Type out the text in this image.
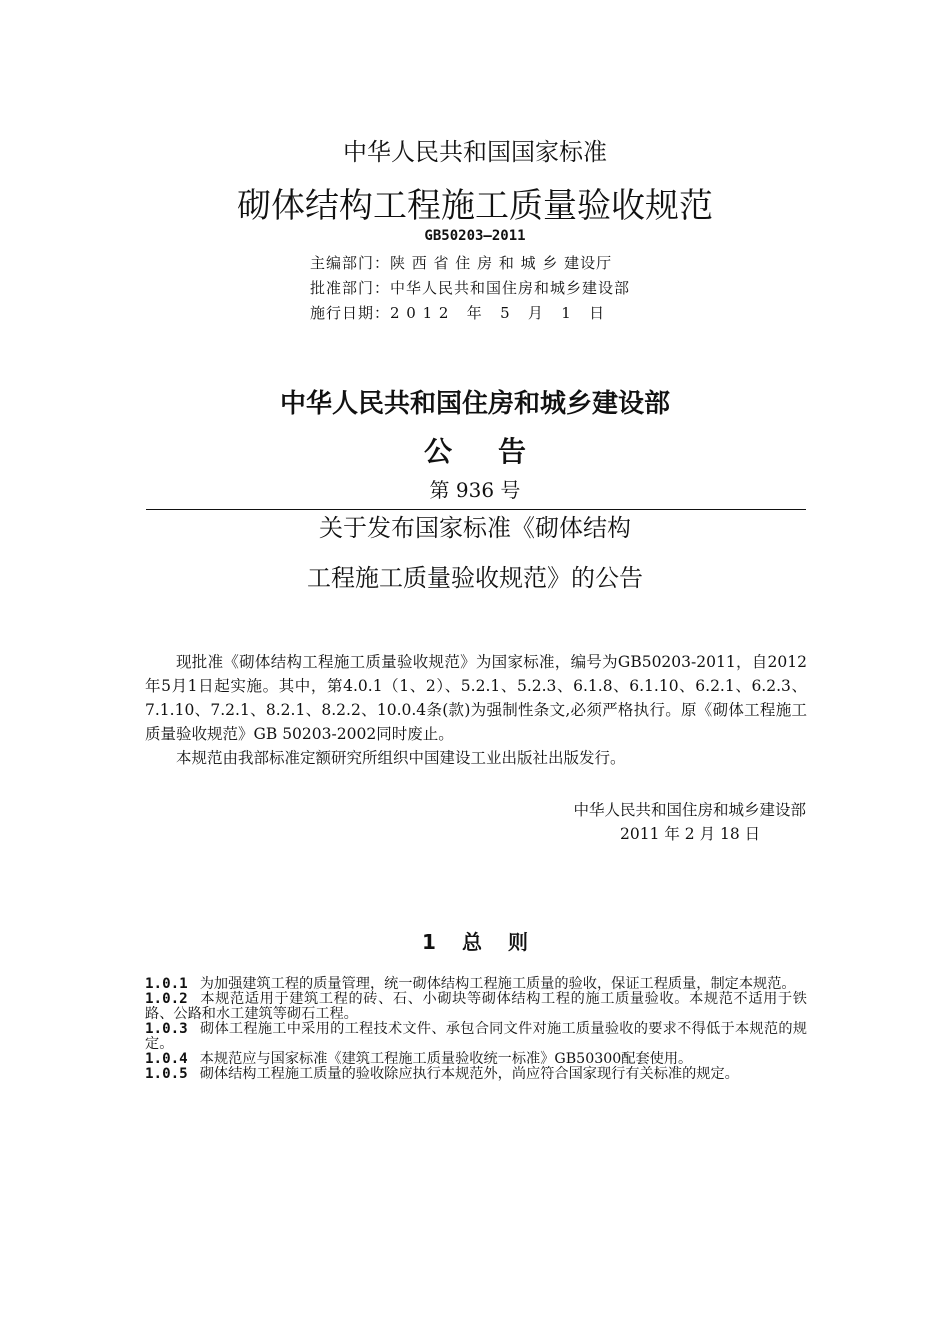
中华人民共和国国家标准
砌体结构工程施工质量验收规范
GB50203—2011
主编部门：陕 西 省 住 房 和 城 乡 建设厅
批准部门：中华人民共和国住房和城乡建设部
施行日期：2 0 1 2   年   5   月   1   日
中华人民共和国住房和城乡建设部
公告
第 936 号
关于发布国家标准《砌体结构
工程施工质量验收规范》的公告

现批准《砌体结构工程施工质量验收规范》为国家标准，编号为GB50203-2011，自2012年5月1日起实施。其中，第4.0.1（1、2）、5.2.1、5.2.3、6.1.8、6.1.10、6.2.1、6.2.3、7.1.10、7.2.1、8.2.1、8.2.2、10.0.4条(款)为强制性条文,必须严格执行。原《砌体工程施工质量验收规范》GB 50203-2002同时废止。

本规范由我部标准定额研究所组织中国建设工业出版社出版发行。

中华人民共和国住房和城乡建设部
2011 年 2 月 18 日
1 总 则

1.0.1 为加强建筑工程的质量管理，统一砌体结构工程施工质量的验收，保证工程质量，制定本规范。

1.0.2 本规范适用于建筑工程的砖、石、小砌块等砌体结构工程的施工质量验收。本规范不适用于铁路、公路和水工建筑等砌石工程。

1.0.3 砌体工程施工中采用的工程技术文件、承包合同文件对施工质量验收的要求不得低于本规范的规定。

1.0.4 本规范应与国家标准《建筑工程施工质量验收统一标准》GB50300配套使用。

1.0.5 砌体结构工程施工质量的验收除应执行本规范外，尚应符合国家现行有关标准的规定。
